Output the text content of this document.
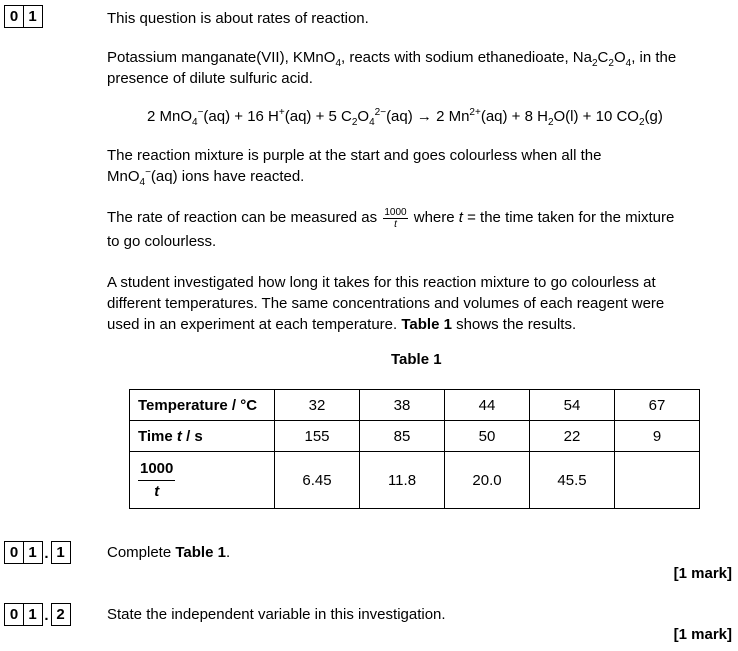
0 1	This question is about rates of reaction.
Potassium manganate(VII), KMnO$_4$, reacts with sodium ethanedioate, $Na_2C_2O_4$, in the
presence of dilute sulfuric acid.
2 MnO$_4$−(aq) + 16 H+(aq) + 5 $C_2O_4^{2-}(aq) \to 2$ $Mn^{2+}(aq) + 8$ $H_2O(l) + 10$ $CO_2(g)$
The reaction mixture is purple at the start and goes colourless when all the
MnO$_4$−(aq) ions have reacted.
The rate of reaction can be measured as $\frac{1000}{t}$ where t = the time taken for the mixture
to go colourless.
A student investigated how long it takes for this reaction mixture to go colourless at
different temperatures. The same concentrations and volumes of each reagent were
used in an experiment at each temperature. Table 1 shows the results.
Table 1
Temperature / °C	32	38	44	54	67
Time t / s	155	85	50	22	9

$\frac{1000}{t}$	6.45	11.8	20.0	45.5	
0 1 . 1	Complete Table 1.
[1 mark]
0 1 . 2	State the independent variable in this investigation.
[1 mark]
